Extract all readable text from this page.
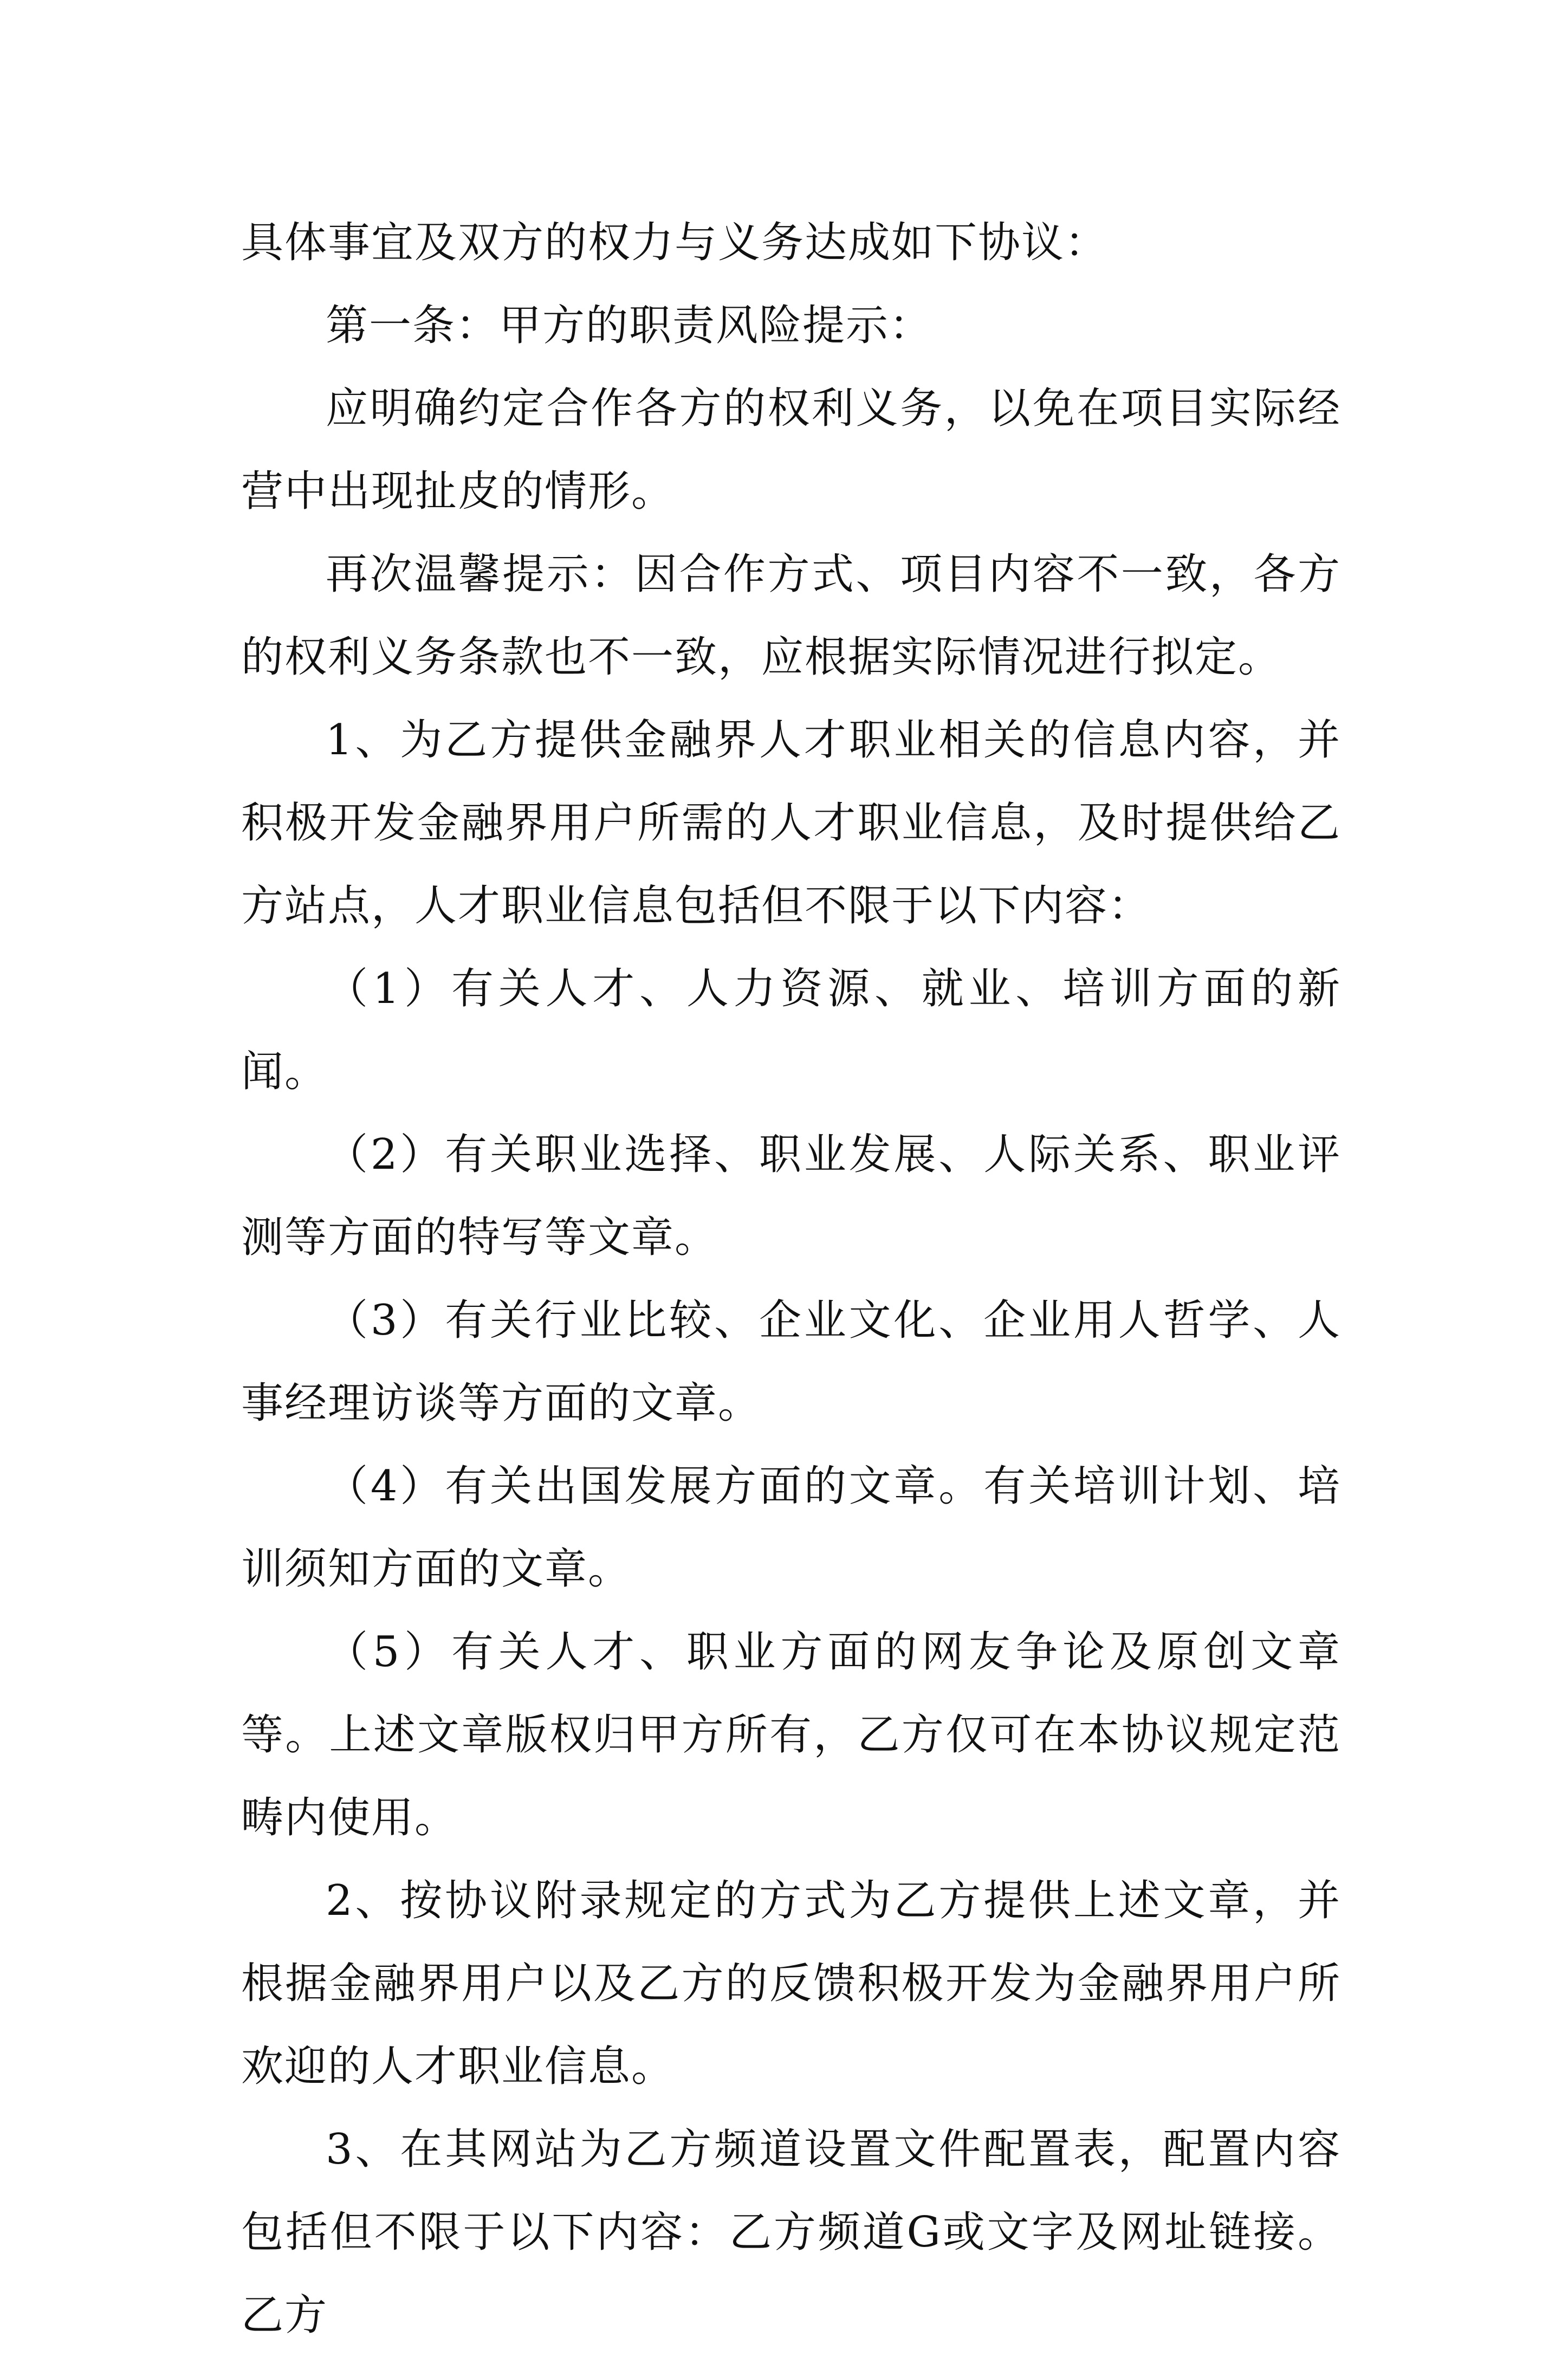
具体事宜及双方的权力与义务达成如下协议：

第一条：甲方的职责风险提示：

应明确约定合作各方的权利义务，以免在项目实际经营中出现扯皮的情形。

再次温馨提示：因合作方式、项目内容不一致，各方的权利义务条款也不一致，应根据实际情况进行拟定。

1、为乙方提供金融界人才职业相关的信息内容，并积极开发金融界用户所需的人才职业信息，及时提供给乙方站点，人才职业信息包括但不限于以下内容：

（1）有关人才、人力资源、就业、培训方面的新闻。

（2）有关职业选择、职业发展、人际关系、职业评测等方面的特写等文章。

（3）有关行业比较、企业文化、企业用人哲学、人事经理访谈等方面的文章。

（4）有关出国发展方面的文章。有关培训计划、培训须知方面的文章。

（5）有关人才、职业方面的网友争论及原创文章等。上述文章版权归甲方所有，乙方仅可在本协议规定范畴内使用。

2、按协议附录规定的方式为乙方提供上述文章，并根据金融界用户以及乙方的反馈积极开发为金融界用户所欢迎的人才职业信息。

3、在其网站为乙方频道设置文件配置表，配置内容包括但不限于以下内容：乙方频道G或文字及网址链接。乙方
